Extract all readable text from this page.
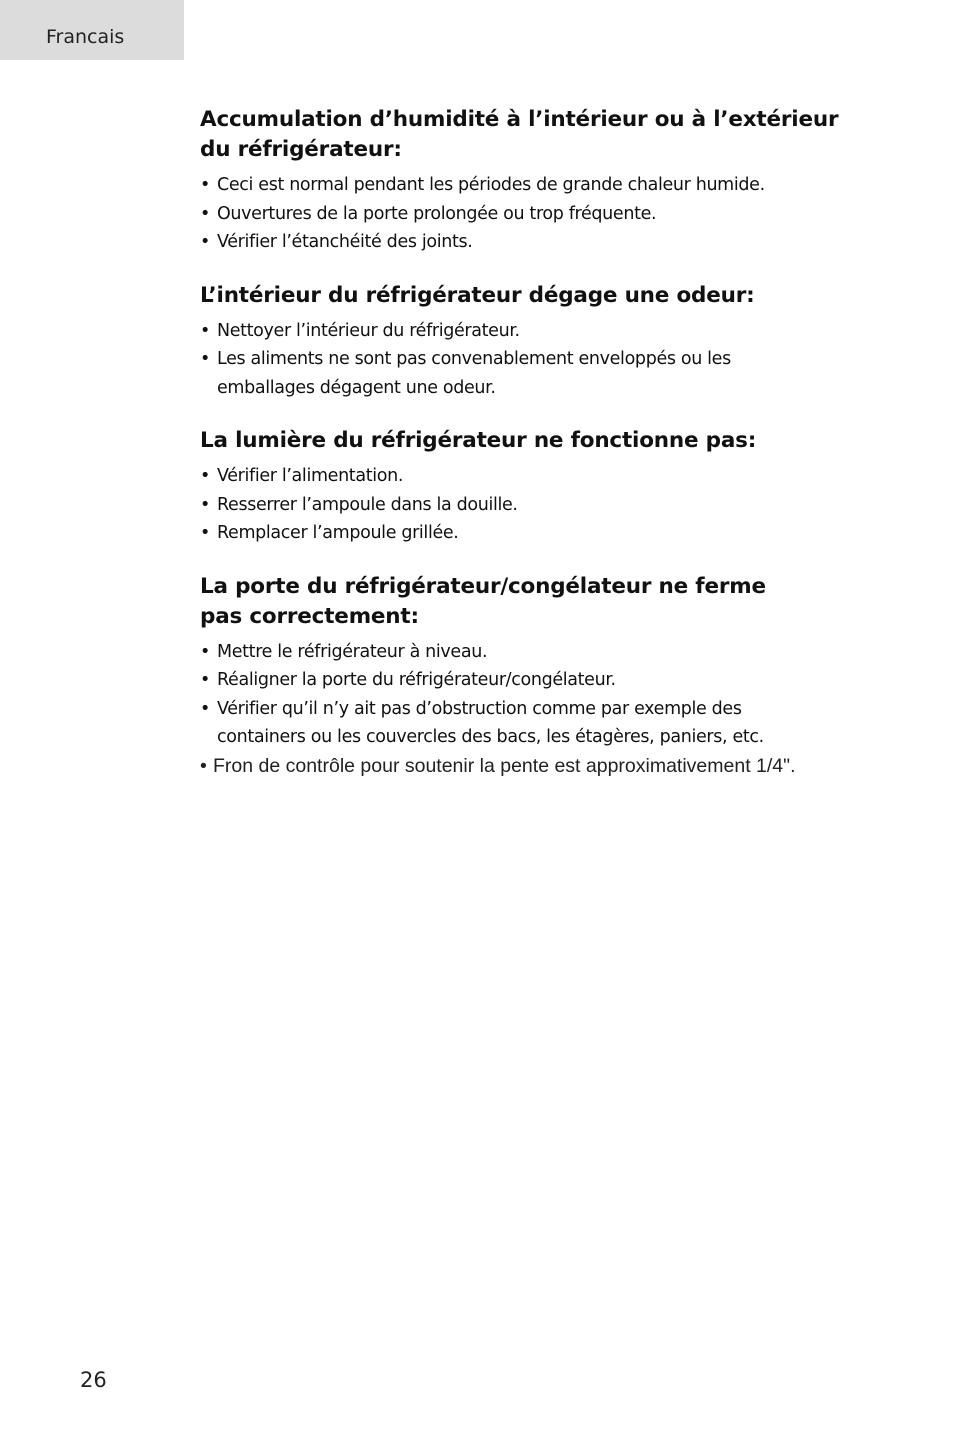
Francais
Accumulation d’humidité à l’intérieur ou à l’extérieur du réfrigérateur:
• Ceci est normal pendant les périodes de grande chaleur humide.
• Ouvertures de la porte prolongée ou trop fréquente.
• Vérifier l’étanchéité des joints.
L’intérieur du réfrigérateur dégage une odeur:
• Nettoyer l’intérieur du réfrigérateur.
• Les aliments ne sont pas convenablement enveloppés ou les emballages dégagent une odeur.
La lumière du réfrigérateur ne fonctionne pas:
• Vérifier l’alimentation.
• Resserrer l’ampoule dans la douille.
• Remplacer l’ampoule grillée.
La porte du réfrigérateur/congélateur ne ferme pas correctement:
• Mettre le réfrigérateur à niveau.
• Réaligner la porte du réfrigérateur/congélateur.
• Vérifier qu’il n’y ait pas d’obstruction comme par exemple des containers ou les couvercles des bacs, les étagères, paniers, etc.
• Fron de contrôle pour soutenir la pente est approximativement 1/4".
26
